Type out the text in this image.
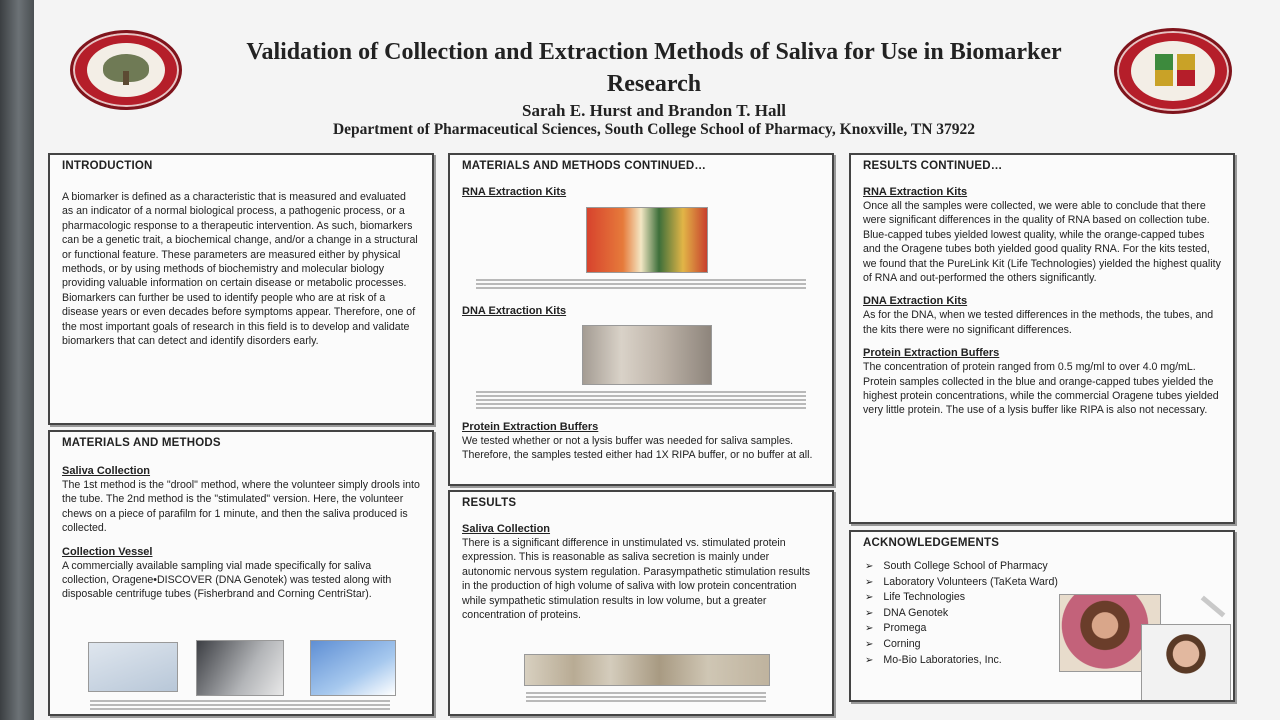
Validation of Collection and Extraction Methods of Saliva for Use in Biomarker Research
Sarah E. Hurst and Brandon T. Hall
Department of Pharmaceutical Sciences, South College School of Pharmacy, Knoxville, TN 37922
INTRODUCTION
A biomarker is defined as a characteristic that is measured and evaluated as an indicator of a normal biological process, a pathogenic process, or a pharmacologic response to a therapeutic intervention. As such, biomarkers can be a genetic trait, a biochemical change, and/or a change in a structural or functional feature. These parameters are measured either by physical methods, or by using methods of biochemistry and molecular biology providing valuable information on certain disease or metabolic processes. Biomarkers can further be used to identify people who are at risk of a disease years or even decades before symptoms appear. Therefore, one of the most important goals of research in this field is to develop and validate biomarkers that can detect and identify disorders early.
MATERIALS AND METHODS
Saliva Collection
The 1st method is the "drool" method, where the volunteer simply drools into the tube. The 2nd method is the "stimulated" version. Here, the volunteer chews on a piece of parafilm for 1 minute, and then the saliva produced is collected.
Collection Vessel
A commercially available sampling vial made specifically for saliva collection, Oragene•DISCOVER (DNA Genotek) was tested along with disposable centrifuge tubes (Fisherbrand and Corning CentriStar).
MATERIALS AND METHODS CONTINUED…
RNA Extraction Kits
DNA Extraction Kits
Protein Extraction Buffers
We tested whether or not a lysis buffer was needed for saliva samples. Therefore, the samples tested either had 1X RIPA buffer, or no buffer at all.
RESULTS
Saliva Collection
There is a significant difference in unstimulated vs. stimulated protein expression. This is reasonable as saliva secretion is mainly under autonomic nervous system regulation. Parasympathetic stimulation results in the production of high volume of saliva with low protein concentration while sympathetic stimulation results in low volume, but a greater concentration of proteins.
RESULTS CONTINUED…
RNA Extraction Kits
Once all the samples were collected, we were able to conclude that there were significant differences in the quality of RNA based on collection tube. Blue-capped tubes yielded lowest quality, while the orange-capped tubes and the Oragene tubes both yielded good quality RNA. For the kits tested, we found that the PureLink Kit (Life Technologies) yielded the highest quality of RNA and out-performed the others significantly.
DNA Extraction Kits
As for the DNA, when we tested differences in the methods, the tubes, and the kits there were no significant differences.
Protein Extraction Buffers
The concentration of protein ranged from 0.5 mg/ml to over 4.0 mg/mL. Protein samples collected in the blue and orange-capped tubes yielded the highest protein concentrations, while the commercial Oragene tubes yielded very little protein. The use of a lysis buffer like RIPA is also not necessary.
ACKNOWLEDGEMENTS
➢ South College School of Pharmacy
➢ Laboratory Volunteers (TaKeta Ward)
➢ Life Technologies
➢ DNA Genotek
➢ Promega
➢ Corning
➢ Mo-Bio Laboratories, Inc.
